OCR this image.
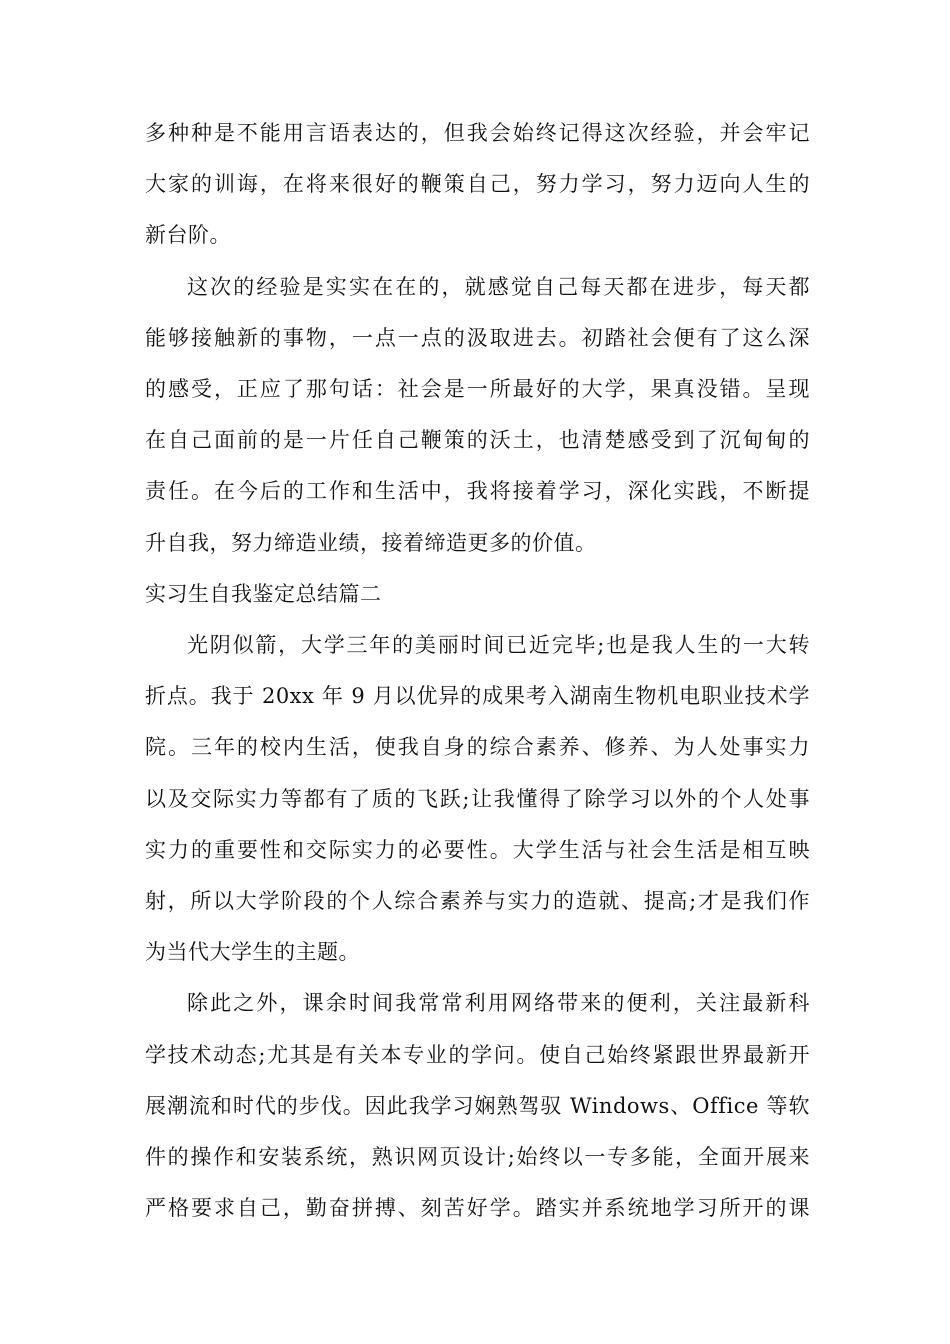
多种种是不能用言语表达的，但我会始终记得这次经验，并会牢记
大家的训诲，在将来很好的鞭策自己，努力学习，努力迈向人生的
新台阶。
这次的经验是实实在在的，就感觉自己每天都在进步，每天都
能够接触新的事物，一点一点的汲取进去。初踏社会便有了这么深
的感受，正应了那句话：社会是一所最好的大学，果真没错。呈现
在自己面前的是一片任自己鞭策的沃土，也清楚感受到了沉甸甸的
责任。在今后的工作和生活中，我将接着学习，深化实践，不断提
升自我，努力缔造业绩，接着缔造更多的价值。
实习生自我鉴定总结篇二
光阴似箭，大学三年的美丽时间已近完毕;也是我人生的一大转
折点。我于 20xx 年 9 月以优异的成果考入湖南生物机电职业技术学
院。三年的校内生活，使我自身的综合素养、修养、为人处事实力
以及交际实力等都有了质的飞跃;让我懂得了除学习以外的个人处事
实力的重要性和交际实力的必要性。大学生活与社会生活是相互映
射，所以大学阶段的个人综合素养与实力的造就、提高;才是我们作
为当代大学生的主题。
除此之外，课余时间我常常利用网络带来的便利，关注最新科
学技术动态;尤其是有关本专业的学问。使自己始终紧跟世界最新开
展潮流和时代的步伐。因此我学习娴熟驾驭 Windows、Office 等软
件的操作和安装系统，熟识网页设计;始终以一专多能，全面开展来
严格要求自己，勤奋拼搏、刻苦好学。踏实并系统地学习所开的课
